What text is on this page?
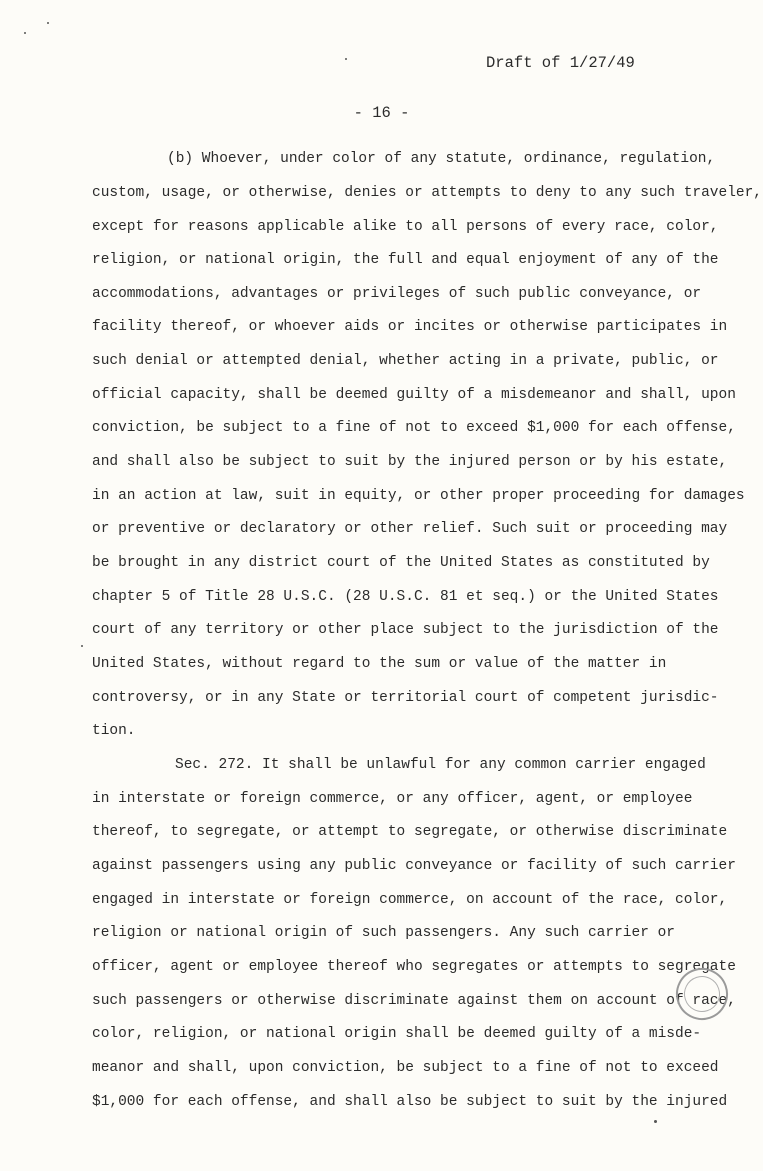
Draft of 1/27/49
- 16 -
(b) Whoever, under color of any statute, ordinance, regulation,
custom, usage, or otherwise, denies or attempts to deny to any such traveler,
except for reasons applicable alike to all persons of every race, color,
religion, or national origin, the full and equal enjoyment of any of the
accommodations, advantages or privileges of such public conveyance, or
facility thereof, or whoever aids or incites or otherwise participates in
such denial or attempted denial, whether acting in a private, public, or
official capacity, shall be deemed guilty of a misdemeanor and shall, upon
conviction, be subject to a fine of not to exceed $1,000 for each offense,
and shall also be subject to suit by the injured person or by his estate,
in an action at law, suit in equity, or other proper proceeding for damages
or preventive or declaratory or other relief. Such suit or proceeding may
be brought in any district court of the United States as constituted by
chapter 5 of Title 28 U.S.C. (28 U.S.C. 81 et seq.) or the United States
court of any territory or other place subject to the jurisdiction of the
United States, without regard to the sum or value of the matter in
controversy, or in any State or territorial court of competent jurisdic-
tion.
Sec. 272. It shall be unlawful for any common carrier engaged
in interstate or foreign commerce, or any officer, agent, or employee
thereof, to segregate, or attempt to segregate, or otherwise discriminate
against passengers using any public conveyance or facility of such carrier
engaged in interstate or foreign commerce, on account of the race, color,
religion or national origin of such passengers. Any such carrier or
officer, agent or employee thereof who segregates or attempts to segregate
such passengers or otherwise discriminate against them on account of race,
color, religion, or national origin shall be deemed guilty of a misde-
meanor and shall, upon conviction, be subject to a fine of not to exceed
$1,000 for each offense, and shall also be subject to suit by the injured
